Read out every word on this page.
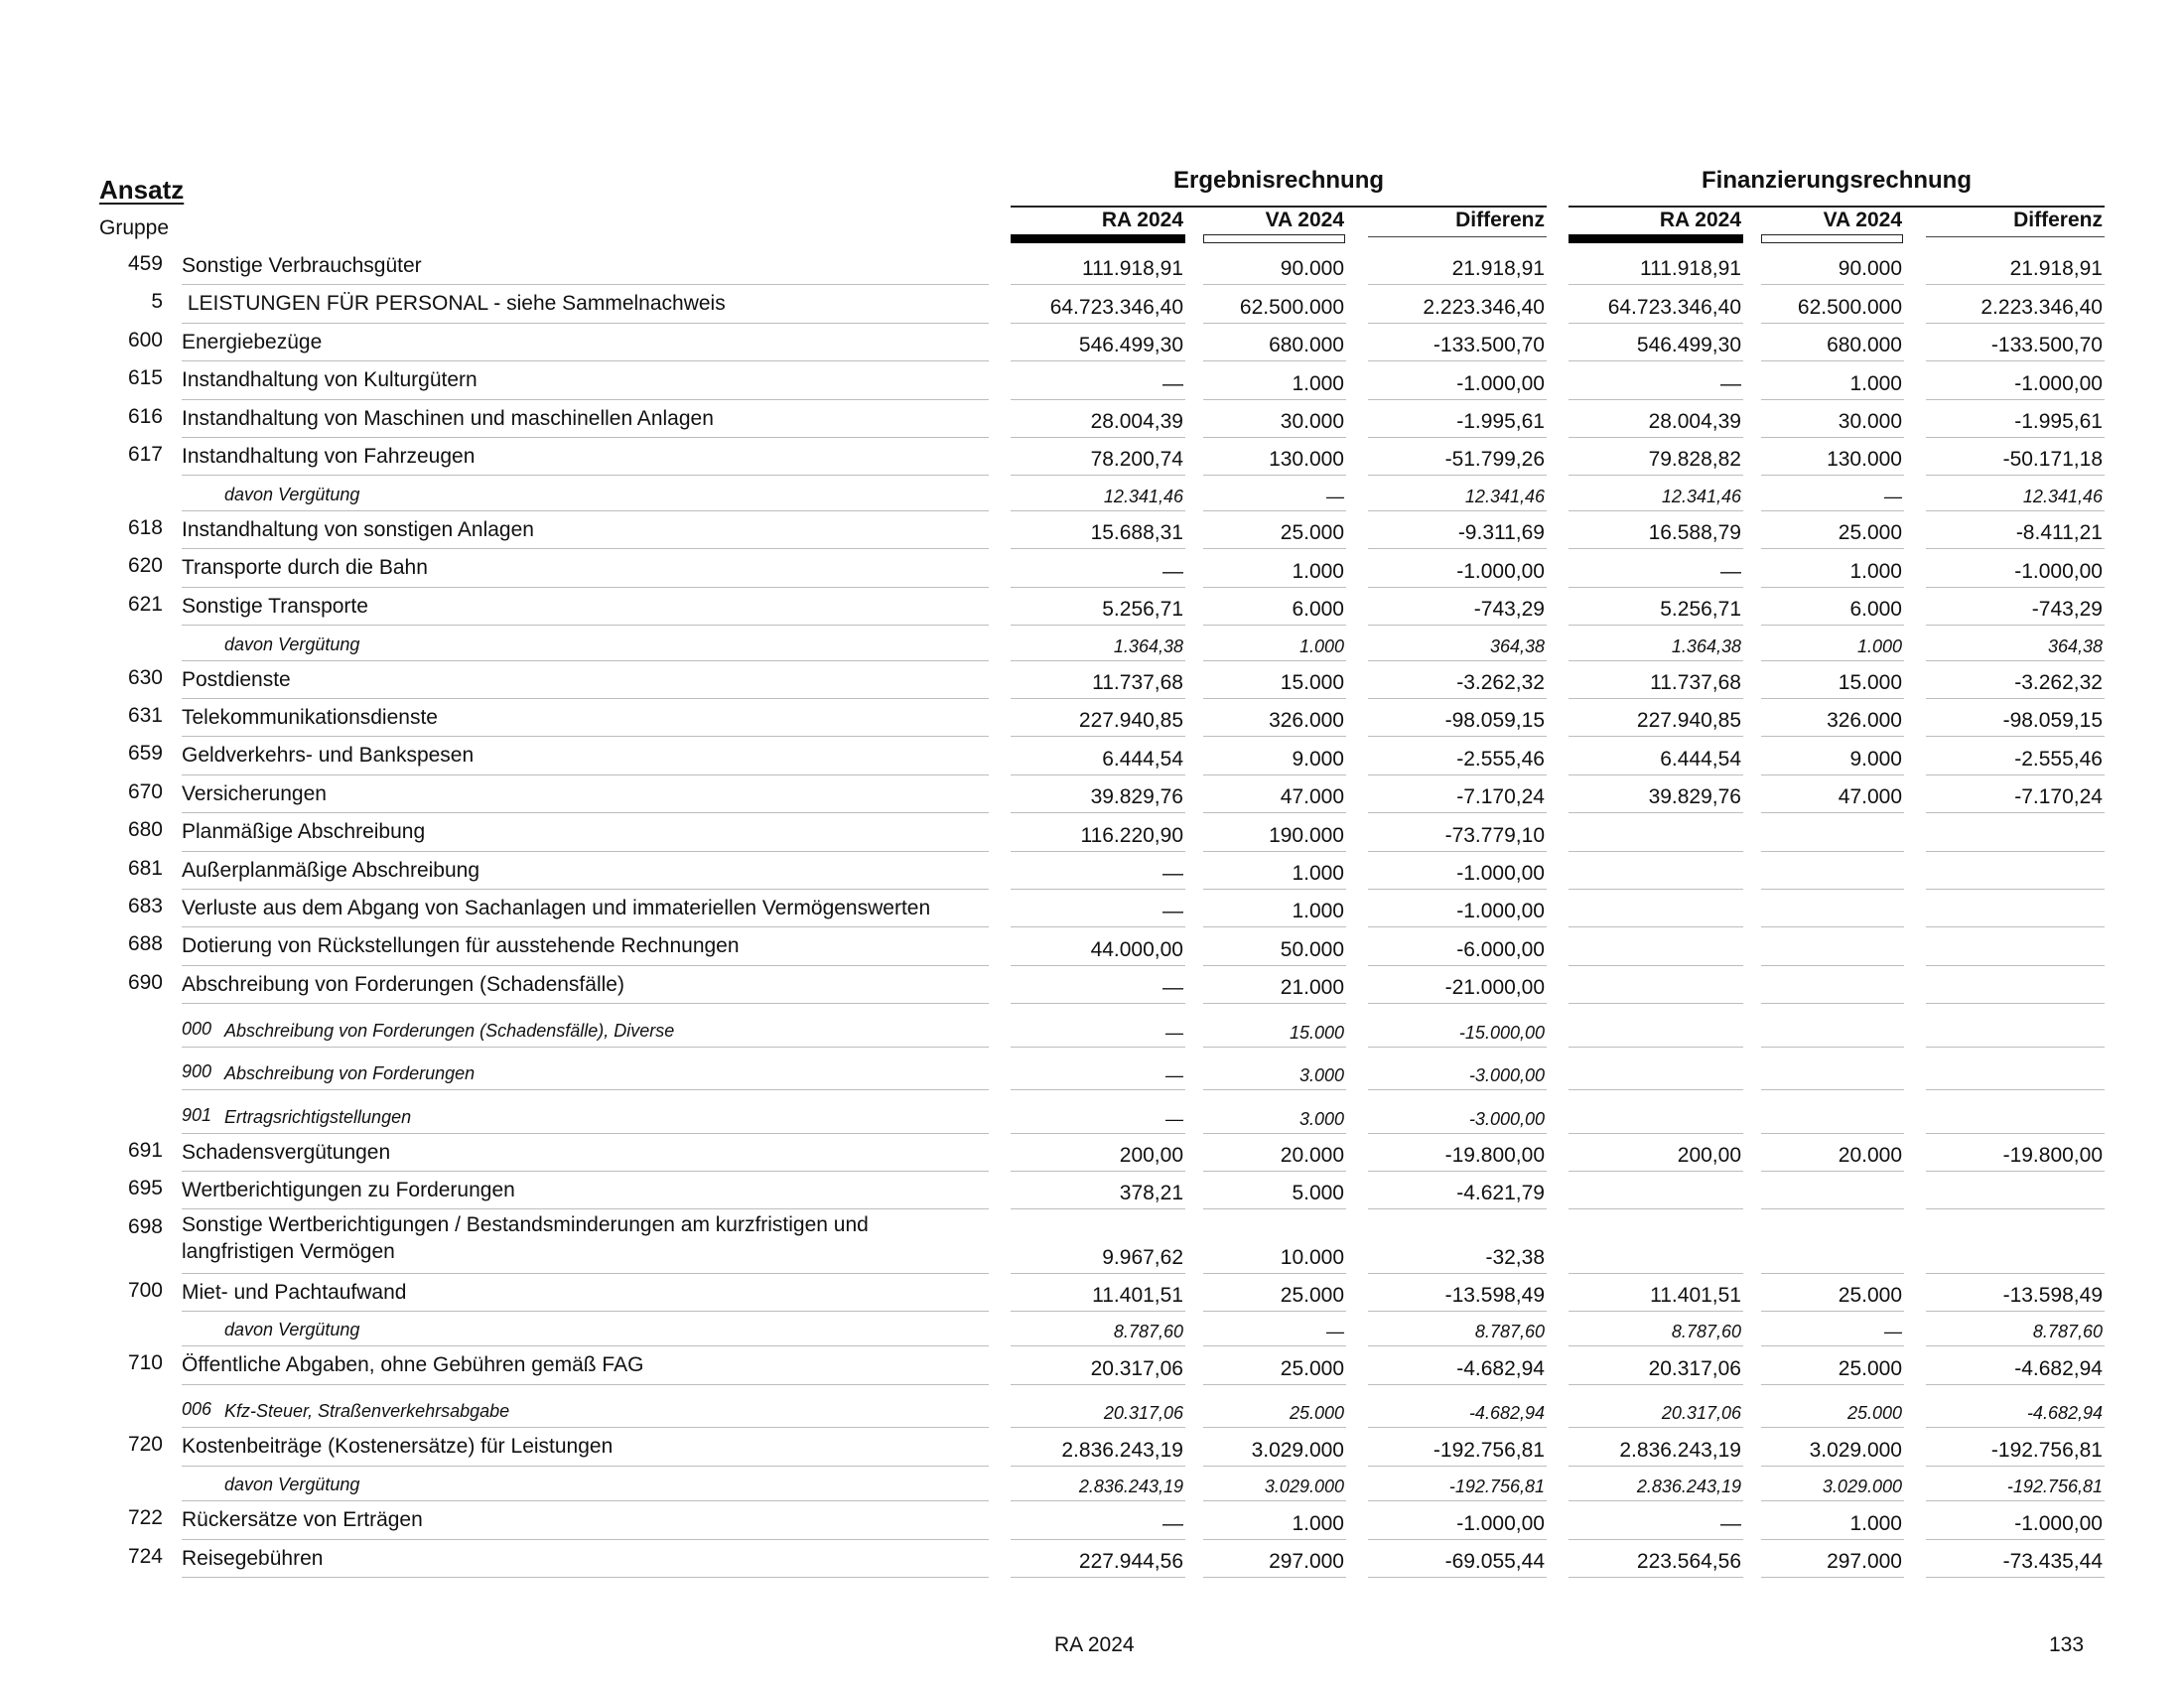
Ansatz
Gruppe
Ergebnisrechnung	Finanzierungsrechnung
RA 2024	VA 2024	Differenz	RA 2024	VA 2024	Differenz
459 Sonstige Verbrauchsgüter	111.918,91	90.000	21.918,91	111.918,91	90.000	21.918,91
5 LEISTUNGEN FÜR PERSONAL - siehe Sammelnachweis	64.723.346,40	62.500.000	2.223.346,40	64.723.346,40	62.500.000	2.223.346,40
600 Energiebezüge	546.499,30	680.000	-133.500,70	546.499,30	680.000	-133.500,70
615 Instandhaltung von Kulturgütern	—	1.000	-1.000,00	—	1.000	-1.000,00
616 Instandhaltung von Maschinen und maschinellen Anlagen	28.004,39	30.000	-1.995,61	28.004,39	30.000	-1.995,61
617 Instandhaltung von Fahrzeugen	78.200,74	130.000	-51.799,26	79.828,82	130.000	-50.171,18
davon Vergütung	12.341,46	—	12.341,46	12.341,46	—	12.341,46
618 Instandhaltung von sonstigen Anlagen	15.688,31	25.000	-9.311,69	16.588,79	25.000	-8.411,21
620 Transporte durch die Bahn	—	1.000	-1.000,00	—	1.000	-1.000,00
621 Sonstige Transporte	5.256,71	6.000	-743,29	5.256,71	6.000	-743,29
davon Vergütung	1.364,38	1.000	364,38	1.364,38	1.000	364,38
630 Postdienste	11.737,68	15.000	-3.262,32	11.737,68	15.000	-3.262,32
631 Telekommunikationsdienste	227.940,85	326.000	-98.059,15	227.940,85	326.000	-98.059,15
659 Geldverkehrs- und Bankspesen	6.444,54	9.000	-2.555,46	6.444,54	9.000	-2.555,46
670 Versicherungen	39.829,76	47.000	-7.170,24	39.829,76	47.000	-7.170,24
680 Planmäßige Abschreibung	116.220,90	190.000	-73.779,10
681 Außerplanmäßige Abschreibung	—	1.000	-1.000,00
683 Verluste aus dem Abgang von Sachanlagen und immateriellen Vermögenswerten	—	1.000	-1.000,00
688 Dotierung von Rückstellungen für ausstehende Rechnungen	44.000,00	50.000	-6.000,00
690 Abschreibung von Forderungen (Schadensfälle)	—	21.000	-21.000,00
000 Abschreibung von Forderungen (Schadensfälle), Diverse	—	15.000	-15.000,00
900 Abschreibung von Forderungen	—	3.000	-3.000,00
901 Ertragsrichtigstellungen	—	3.000	-3.000,00
691 Schadensvergütungen	200,00	20.000	-19.800,00	200,00	20.000	-19.800,00
695 Wertberichtigungen zu Forderungen	378,21	5.000	-4.621,79
698 Sonstige Wertberichtigungen / Bestandsminderungen am kurzfristigen und
langfristigen Vermögen	9.967,62	10.000	-32,38
700 Miet- und Pachtaufwand	11.401,51	25.000	-13.598,49	11.401,51	25.000	-13.598,49
davon Vergütung	8.787,60	—	8.787,60	8.787,60	—	8.787,60
710 Öffentliche Abgaben, ohne Gebühren gemäß FAG	20.317,06	25.000	-4.682,94	20.317,06	25.000	-4.682,94
006 Kfz-Steuer, Straßenverkehrsabgabe	20.317,06	25.000	-4.682,94	20.317,06	25.000	-4.682,94
720 Kostenbeiträge (Kostenersätze) für Leistungen	2.836.243,19	3.029.000	-192.756,81	2.836.243,19	3.029.000	-192.756,81
davon Vergütung	2.836.243,19	3.029.000	-192.756,81	2.836.243,19	3.029.000	-192.756,81
722 Rückersätze von Erträgen	—	1.000	-1.000,00	—	1.000	-1.000,00
724 Reisegebühren	227.944,56	297.000	-69.055,44	223.564,56	297.000	-73.435,44
RA 2024	133
